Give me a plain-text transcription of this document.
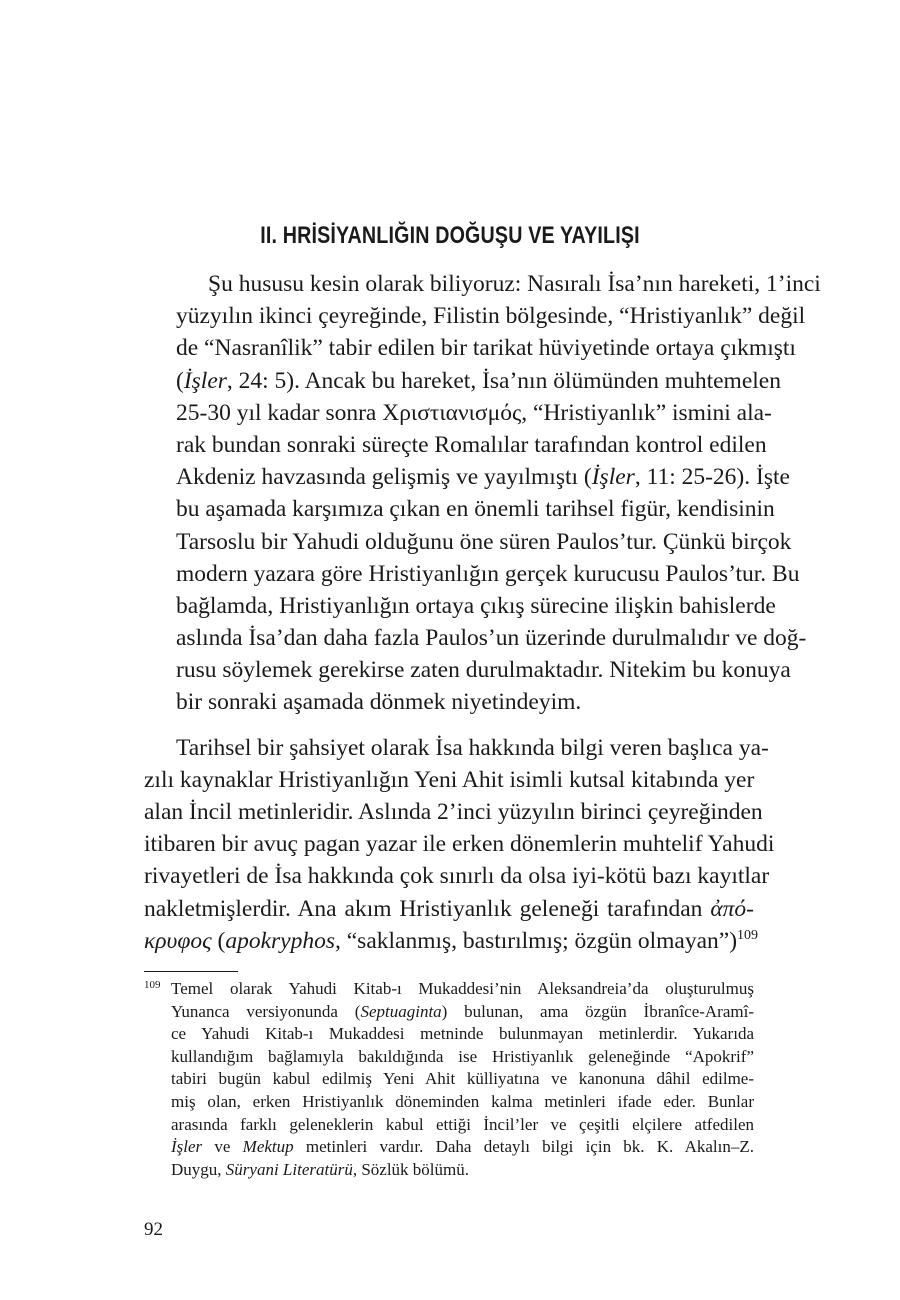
II. HRİSİYANLIĞIN DOĞUŞU VE YAYILIŞI
Şu hususu kesin olarak biliyoruz: Nasıralı İsa’nın hareketi, 1’inci
yüzyılın ikinci çeyreğinde, Filistin bölgesinde, “Hristiyanlık” değil
de “Nasranîlik” tabir edilen bir tarikat hüviyetinde ortaya çıkmıştı
(İşler, 24: 5). Ancak bu hareket, İsa’nın ölümünden muhtemelen
25-30 yıl kadar sonra Χριστιανισμός, “Hristiyanlık” ismini ala-
rak bundan sonraki süreçte Romalılar tarafından kontrol edilen
Akdeniz havzasında gelişmiş ve yayılmıştı (İşler, 11: 25-26). İşte
bu aşamada karşımıza çıkan en önemli tarihsel figür, kendisinin
Tarsoslu bir Yahudi olduğunu öne süren Paulos’tur. Çünkü birçok
modern yazara göre Hristiyanlığın gerçek kurucusu Paulos’tur. Bu
bağlamda, Hristiyanlığın ortaya çıkış sürecine ilişkin bahislerde
aslında İsa’dan daha fazla Paulos’un üzerinde durulmalıdır ve doğ-
rusu söylemek gerekirse zaten durulmaktadır. Nitekim bu konuya
bir sonraki aşamada dönmek niyetindeyim.
Tarihsel bir şahsiyet olarak İsa hakkında bilgi veren başlıca ya-
zılı kaynaklar Hristiyanlığın Yeni Ahit isimli kutsal kitabında yer
alan İncil metinleridir. Aslında 2’inci yüzyılın birinci çeyreğinden
itibaren bir avuç pagan yazar ile erken dönemlerin muhtelif Yahudi
rivayetleri de İsa hakkında çok sınırlı da olsa iyi-kötü bazı kayıtlar
nakletmişlerdir. Ana akım Hristiyanlık geleneği tarafından ἀπό-
κρυφος (apokryphos, “saklanmış, bastırılmış; özgün olmayan”)$^{109}$
109 Temel olarak Yahudi Kitab-ı Mukaddesi’nin Aleksandreia’da oluşturulmuş
Yunanca versiyonunda (Septuaginta) bulunan, ama özgün İbranîce-Aramî-
ce Yahudi Kitab-ı Mukaddesi metninde bulunmayan metinlerdir. Yukarıda
kullandığım bağlamıyla bakıldığında ise Hristiyanlık geleneğinde “Apokrif”
tabiri bugün kabul edilmiş Yeni Ahit külliyatına ve kanonuna dâhil edilme-
miş olan, erken Hristiyanlık döneminden kalma metinleri ifade eder. Bunlar
arasında farklı geleneklerin kabul ettiği İncil’ler ve çeşitli elçilere atfedilen
İşler ve Mektup metinleri vardır. Daha detaylı bilgi için bk. K. Akalın–Z.
Duygu, Süryani Literatürü, Sözlük bölümü.
92
